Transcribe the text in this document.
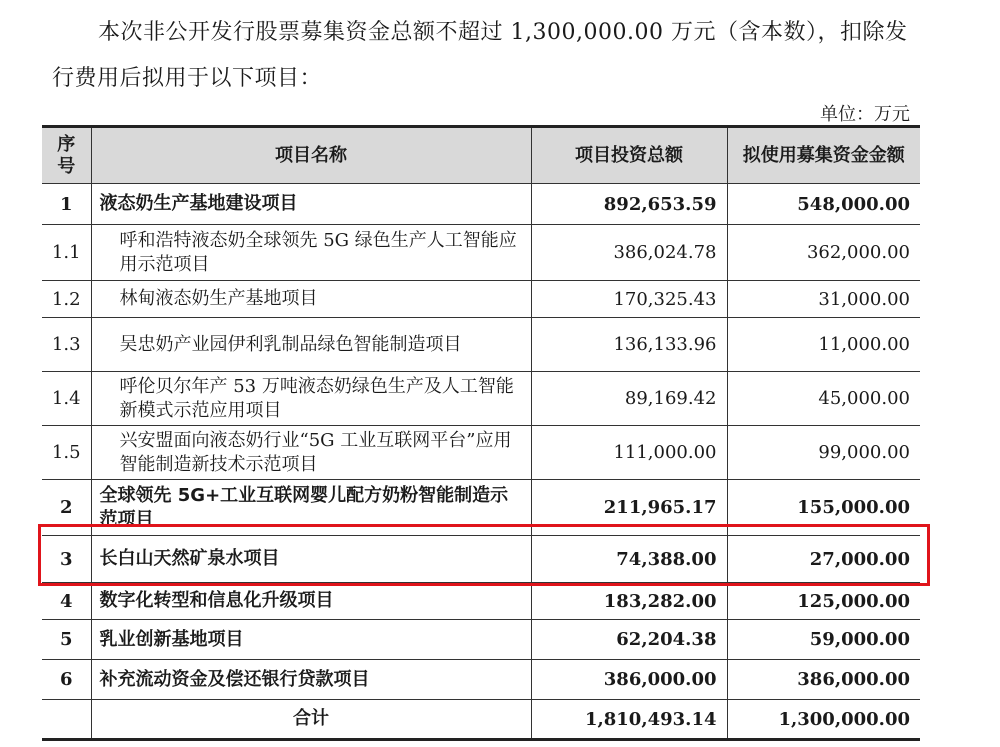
本次非公开发行股票募集资金总额不超过 1,300,000.00 万元（含本数），扣除发行费用后拟用于以下项目：
单位：万元
序号	项目名称	项目投资总额	拟使用募集资金金额
1	液态奶生产基地建设项目	892,653.59	548,000.00
1.1	呼和浩特液态奶全球领先 5G 绿色生产人工智能应用示范项目	386,024.78	362,000.00
1.2	林甸液态奶生产基地项目	170,325.43	31,000.00
1.3	吴忠奶产业园伊利乳制品绿色智能制造项目	136,133.96	11,000.00
1.4	呼伦贝尔年产 53 万吨液态奶绿色生产及人工智能新模式示范应用项目	89,169.42	45,000.00
1.5	兴安盟面向液态奶行业“5G 工业互联网平台”应用智能制造新技术示范项目	111,000.00	99,000.00
2	全球领先 5G+工业互联网婴儿配方奶粉智能制造示范项目	211,965.17	155,000.00
3	长白山天然矿泉水项目	74,388.00	27,000.00
4	数字化转型和信息化升级项目	183,282.00	125,000.00
5	乳业创新基地项目	62,204.38	59,000.00
6	补充流动资金及偿还银行贷款项目	386,000.00	386,000.00
	合计	1,810,493.14	1,300,000.00
